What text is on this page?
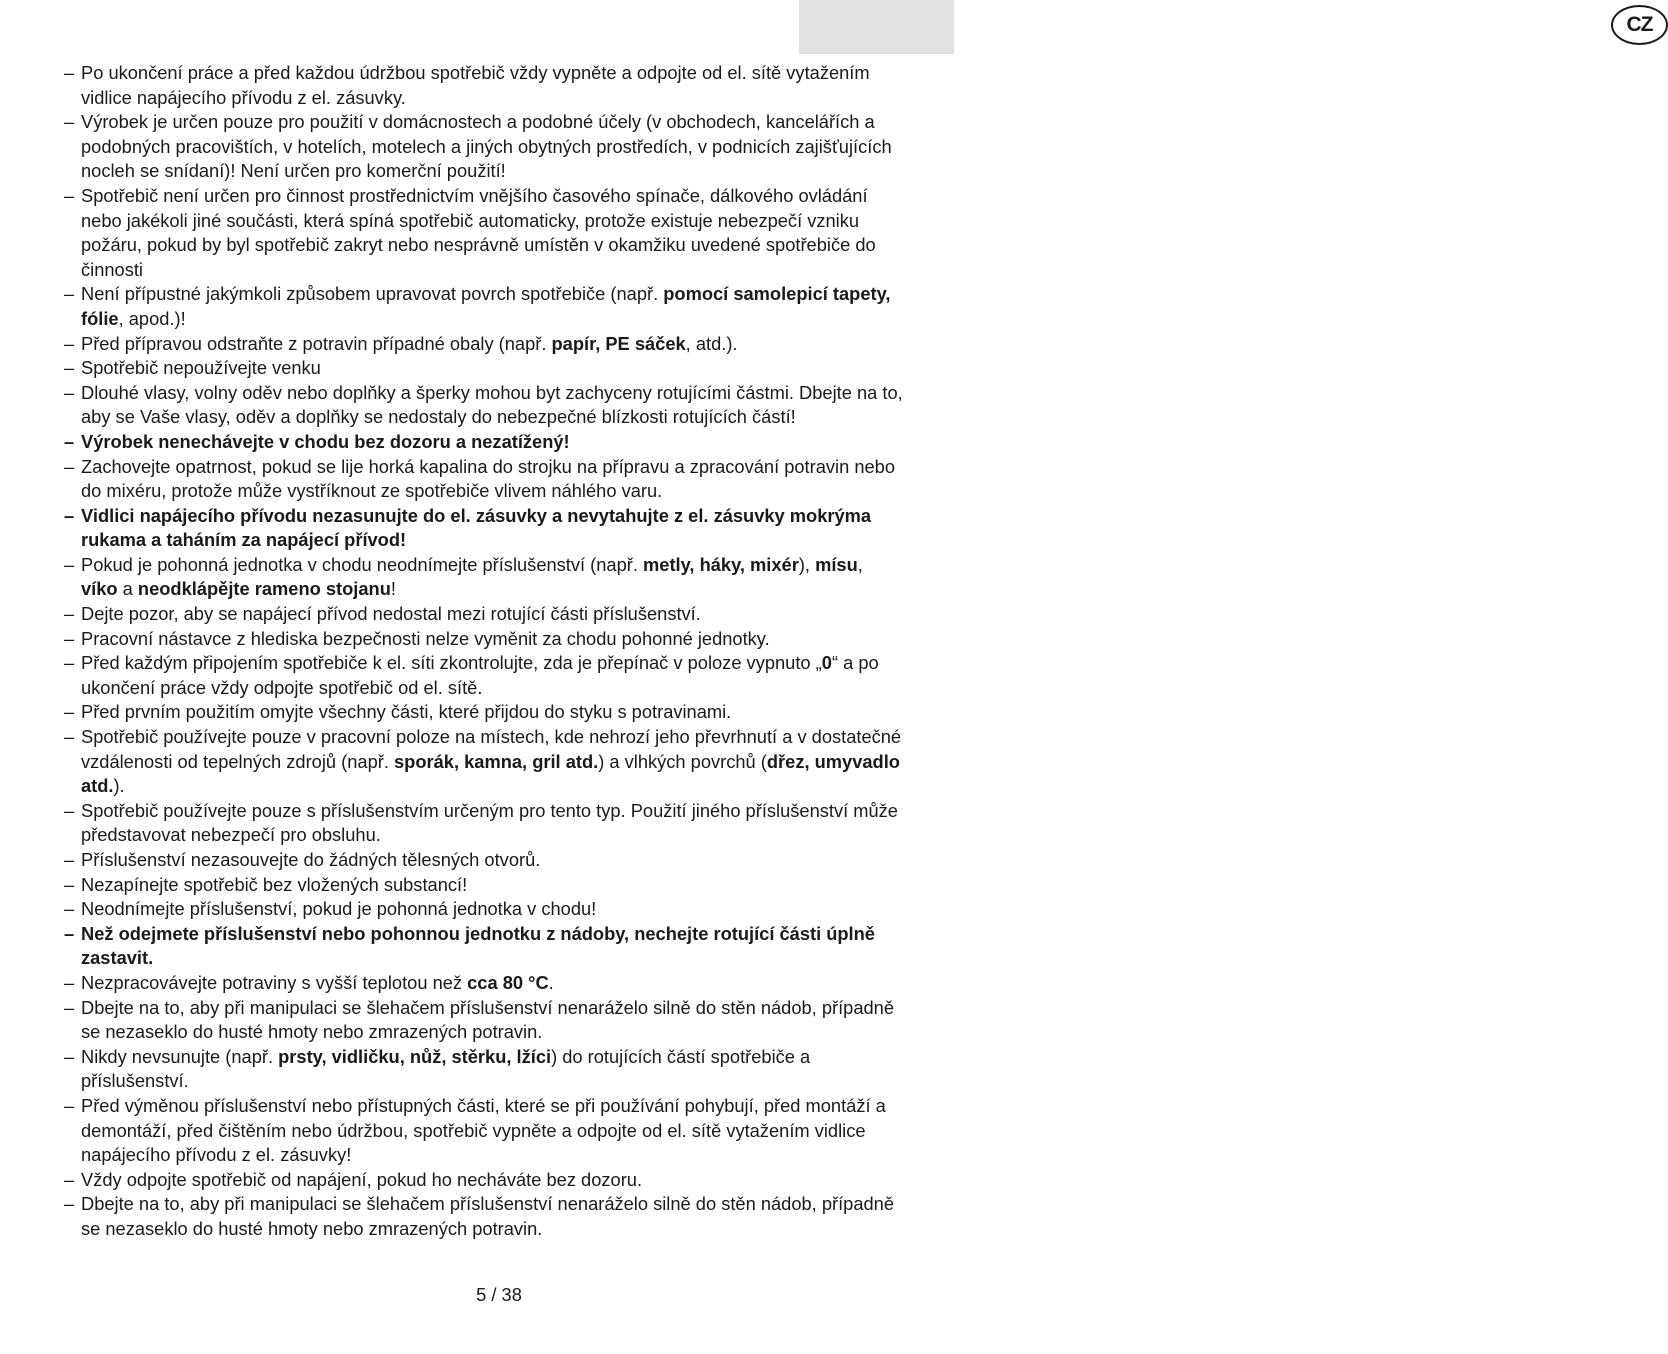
CZ
– Po ukončení práce a před každou údržbou spotřebič vždy vypněte a odpojte od el. sítě vytažením vidlice napájecího přívodu z el. zásuvky.
– Výrobek je určen pouze pro použití v domácnostech a podobné účely (v obchodech, kancelářích a podobných pracovištích, v hotelích, motelech a jiných obytných prostředích, v podnicích zajišťujících nocleh se snídaní)! Není určen pro komerční použití!
– Spotřebič není určen pro činnost prostřednictvím vnějšího časového spínače, dálkového ovládání nebo jakékoli jiné součásti, která spíná spotřebič automaticky, protože existuje nebezpečí vzniku požáru, pokud by byl spotřebič zakryt nebo nesprávně umístěn v okamžiku uvedené spotřebiče do činnosti
– Není přípustné jakýmkoli způsobem upravovat povrch spotřebiče (např. pomocí samolepicí tapety, fólie, apod.)!
– Před přípravou odstraňte z potravin případné obaly (např. papír, PE sáček, atd.).
– Spotřebič nepoužívejte venku
– Dlouhé vlasy, volny oděv nebo doplňky a šperky mohou byt zachyceny rotujícími částmi. Dbejte na to, aby se Vaše vlasy, oděv a doplňky se nedostaly do nebezpečné blízkosti rotujících částí!
– Výrobek nenechávejte v chodu bez dozoru a nezatížený!
– Zachovejte opatrnost, pokud se lije horká kapalina do strojku na přípravu a zpracování potravin nebo do mixéru, protože může vystříknout ze spotřebiče vlivem náhlého varu.
– Vidlici napájecího přívodu nezasunujte do el. zásuvky a nevytahujte z el. zásuvky mokrýma rukama a taháním za napájecí přívod!
– Pokud je pohonná jednotka v chodu neodnímejte příslušenství (např. metly, háky, mixér), mísu, víko a neodklápějte rameno stojanu!
– Dejte pozor, aby se napájecí přívod nedostal mezi rotující části příslušenství.
– Pracovní nástavce z hlediska bezpečnosti nelze vyměnit za chodu pohonné jednotky.
– Před každým připojením spotřebiče k el. síti zkontrolujte, zda je přepínač v poloze vypnuto „0“ a po ukončení práce vždy odpojte spotřebič od el. sítě.
– Před prvním použitím omyjte všechny části, které přijdou do styku s potravinami.
– Spotřebič používejte pouze v pracovní poloze na místech, kde nehrozí jeho převrhnutí a v dostatečné vzdálenosti od tepelných zdrojů (např. sporák, kamna, gril atd.) a vlhkých povrchů (dřez, umyvadlo atd.).
– Spotřebič používejte pouze s příslušenstvím určeným pro tento typ. Použití jiného příslušenství může představovat nebezpečí pro obsluhu.
– Příslušenství nezasouvejte do žádných tělesných otvorů.
– Nezapínejte spotřebič bez vložených substancí!
– Neodnímejte příslušenství, pokud je pohonná jednotka v chodu!
– Než odejmete příslušenství nebo pohonnou jednotku z nádoby, nechejte rotující části úplně zastavit.
– Nezpracovávejte potraviny s vyšší teplotou než cca 80 °C.
– Dbejte na to, aby při manipulaci se šlehačem příslušenství nenaráželo silně do stěn nádob, případně se nezaseklo do husté hmoty nebo zmrazených potravin.
– Nikdy nevsunujte (např. prsty, vidličku, nůž, stěrku, lžíci) do rotujících částí spotřebiče a příslušenství.
– Před výměnou příslušenství nebo přístupných části, které se při používání pohybují, před montáží a demontáží, před čištěním nebo údržbou, spotřebič vypněte a odpojte od el. sítě vytažením vidlice napájecího přívodu z el. zásuvky!
– Vždy odpojte spotřebič od napájení, pokud ho necháváte bez dozoru.
– Dbejte na to, aby při manipulaci se šlehačem příslušenství nenaráželo silně do stěn nádob, případně se nezaseklo do husté hmoty nebo zmrazených potravin.
5 / 38
